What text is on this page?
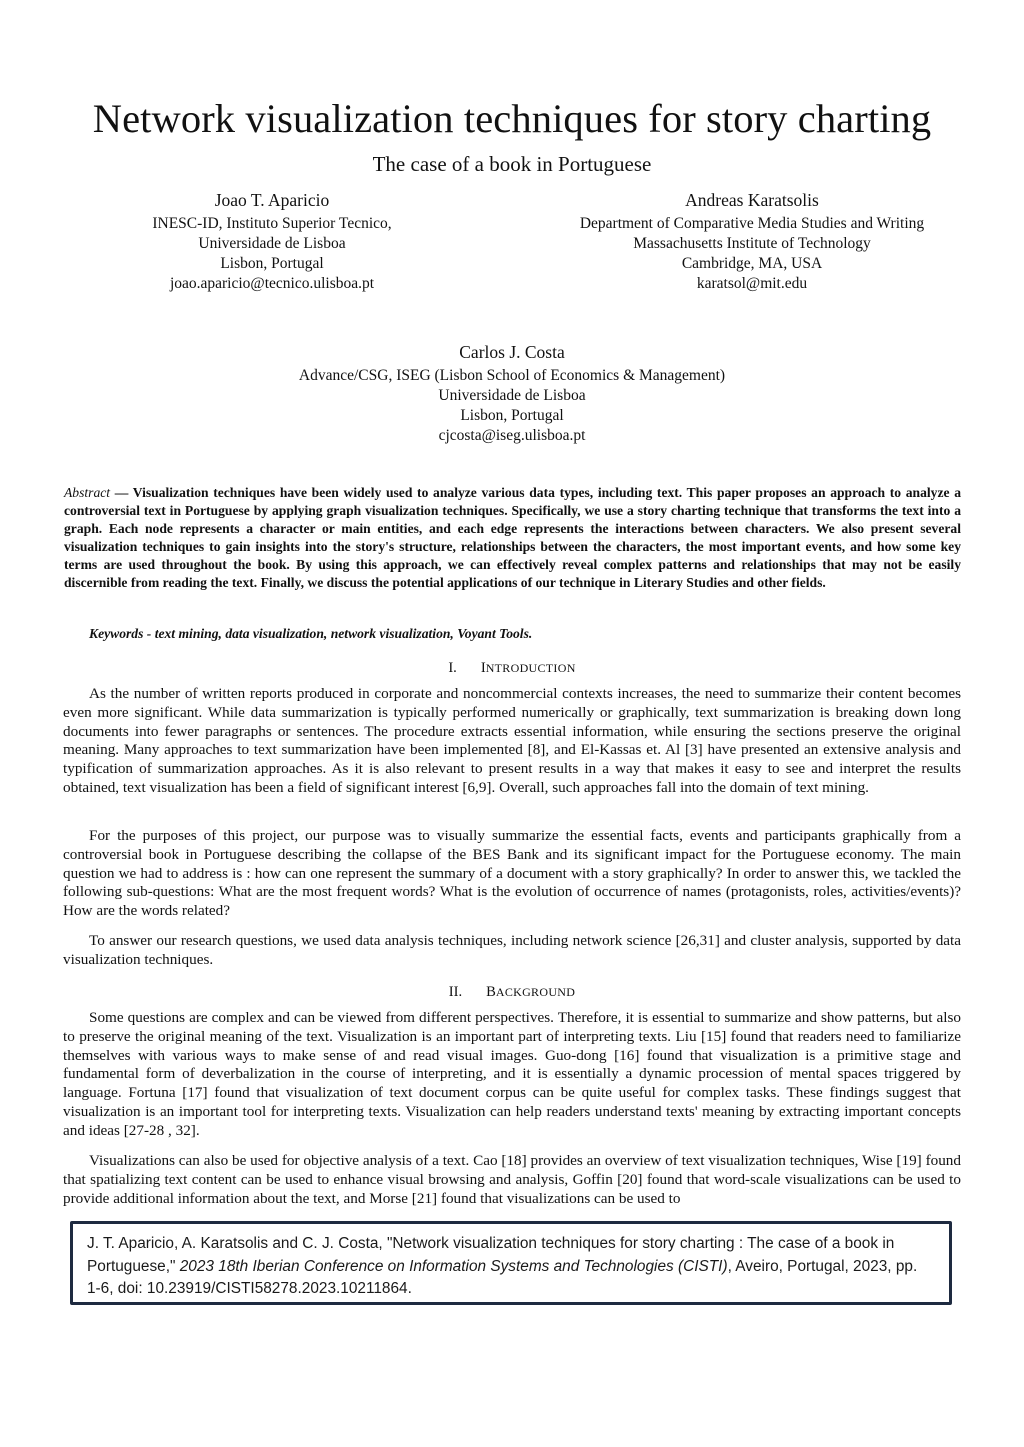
Network visualization techniques for story charting
The case of a book in Portuguese
Joao T. Aparicio
INESC-ID, Instituto Superior Tecnico,
Universidade de Lisboa
Lisbon, Portugal
joao.aparicio@tecnico.ulisboa.pt
Andreas Karatsolis
Department of Comparative Media Studies and Writing
Massachusetts Institute of Technology
Cambridge, MA, USA
karatsol@mit.edu
Carlos J. Costa
Advance/CSG, ISEG (Lisbon School of Economics & Management)
Universidade de Lisboa
Lisbon, Portugal
cjcosta@iseg.ulisboa.pt
Abstract — Visualization techniques have been widely used to analyze various data types, including text. This paper proposes an approach to analyze a controversial text in Portuguese by applying graph visualization techniques. Specifically, we use a story charting technique that transforms the text into a graph. Each node represents a character or main entities, and each edge represents the interactions between characters. We also present several visualization techniques to gain insights into the story's structure, relationships between the characters, the most important events, and how some key terms are used throughout the book. By using this approach, we can effectively reveal complex patterns and relationships that may not be easily discernible from reading the text. Finally, we discuss the potential applications of our technique in Literary Studies and other fields.
Keywords - text mining, data visualization, network visualization, Voyant Tools.
I. INTRODUCTION

As the number of written reports produced in corporate and noncommercial contexts increases, the need to summarize their content becomes even more significant. While data summarization is typically performed numerically or graphically, text summarization is breaking down long documents into fewer paragraphs or sentences. The procedure extracts essential information, while ensuring the sections preserve the original meaning. Many approaches to text summarization have been implemented [8], and El-Kassas et. Al [3] have presented an extensive analysis and typification of summarization approaches. As it is also relevant to present results in a way that makes it easy to see and interpret the results obtained, text visualization has been a field of significant interest [6,9]. Overall, such approaches fall into the domain of text mining.

For the purposes of this project, our purpose was to visually summarize the essential facts, events and participants graphically from a controversial book in Portuguese describing the collapse of the BES Bank and its significant impact for the Portuguese economy. The main question we had to address is : how can one represent the summary of a document with a story graphically? In order to answer this, we tackled the following sub-questions: What are the most frequent words? What is the evolution of occurrence of names (protagonists, roles, activities/events)? How are the words related?

To answer our research questions, we used data analysis techniques, including network science [26,31] and cluster analysis, supported by data visualization techniques.

II. BACKGROUND

Some questions are complex and can be viewed from different perspectives. Therefore, it is essential to summarize and show patterns, but also to preserve the original meaning of the text. Visualization is an important part of interpreting texts. Liu [15] found that readers need to familiarize themselves with various ways to make sense of and read visual images. Guo-dong [16] found that visualization is a primitive stage and fundamental form of deverbalization in the course of interpreting, and it is essentially a dynamic procession of mental spaces triggered by language. Fortuna [17] found that visualization of text document corpus can be quite useful for complex tasks. These findings suggest that visualization is an important tool for interpreting texts. Visualization can help readers understand texts' meaning by extracting important concepts and ideas [27-28 , 32].

Visualizations can also be used for objective analysis of a text. Cao [18] provides an overview of text visualization techniques, Wise [19] found that spatializing text content can be used to enhance visual browsing and analysis, Goffin [20] found that word-scale visualizations can be used to provide additional information about the text, and Morse [21] found that visualizations can be used to

J. T. Aparicio, A. Karatsolis and C. J. Costa, "Network visualization techniques for story charting : The case of a book in Portuguese," 2023 18th Iberian Conference on Information Systems and Technologies (CISTI), Aveiro, Portugal, 2023, pp. 1-6, doi: 10.23919/CISTI58278.2023.10211864.
